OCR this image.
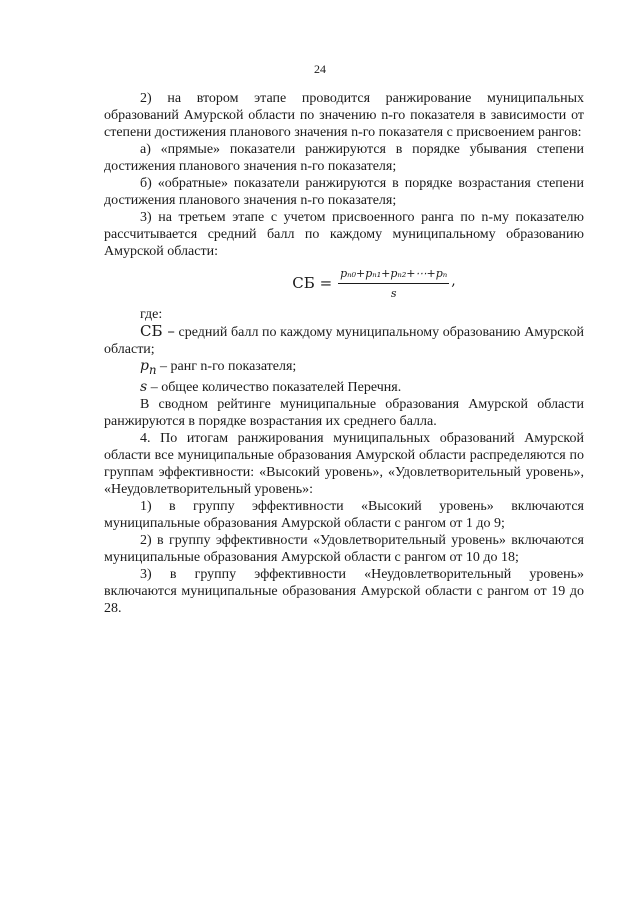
24

2) на втором этапе проводится ранжирование муниципальных образований Амурской области по значению n-го показателя в зависимости от степени достижения планового значения n-го показателя с присвоением рангов:

а) «прямые» показатели ранжируются в порядке убывания степени достижения планового значения n-го показателя;

б) «обратные» показатели ранжируются в порядке возрастания степени достижения планового значения n-го показателя;

3) на третьем этапе с учетом присвоенного ранга по n-му показателю рассчитывается средний балл по каждому муниципальному образованию Амурской области:

СБ = $\frac{\text{pₙ₀+pₙ₁+pₙ₂+⋯+pₙ}}{s}$ ,

где:

СБ – средний балл по каждому муниципальному образованию Амурской области;

$p_n$ – ранг n-го показателя;

s – общее количество показателей Перечня.

В сводном рейтинге муниципальные образования Амурской области ранжируются в порядке возрастания их среднего балла.

4. По итогам ранжирования муниципальных образований Амурской области все муниципальные образования Амурской области распределяются по группам эффективности: «Высокий уровень», «Удовлетворительный уровень», «Неудовлетворительный уровень»:

1) в группу эффективности «Высокий уровень» включаются муниципальные образования Амурской области с рангом от 1 до 9;

2) в группу эффективности «Удовлетворительный уровень» включаются муниципальные образования Амурской области с рангом от 10 до 18;

3) в группу эффективности «Неудовлетворительный уровень» включаются муниципальные образования Амурской области с рангом от 19 до 28.
